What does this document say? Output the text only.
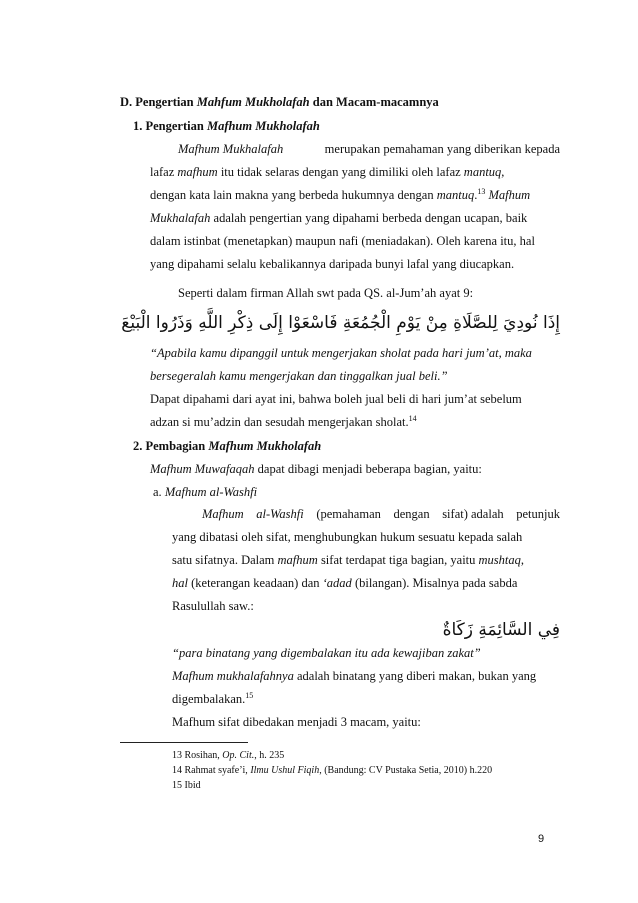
D. Pengertian Mahfum Mukholafah dan Macam-macamnya
1. Pengertian Mafhum Mukholafah
Mafhum Mukhalafah	merupakan pemahaman yang diberikan kepada
lafaz mafhum itu tidak selaras dengan yang dimiliki oleh lafaz mantuq,
dengan kata lain makna yang berbeda hukumnya dengan mantuq.$^{13}$ Mafhum
Mukhalafah adalah pengertian yang dipahami berbeda dengan ucapan, baik
dalam istinbat (menetapkan) maupun nafi (meniadakan). Oleh karena itu, hal
yang dipahami selalu kebalikannya daripada bunyi lafal yang diucapkan.
Seperti dalam firman Allah swt pada QS. al-Jum’ah ayat 9:
إِذَا نُودِيَ لِلصَّلَاةِ مِنْ يَوْمِ الْجُمُعَةِ فَاسْعَوْا إِلَى ذِكْرِ اللَّهِ وَذَرُوا الْبَيْعَ
“Apabila kamu dipanggil untuk mengerjakan sholat pada hari jum’at, maka
bersegeralah kamu mengerjakan dan tinggalkan jual beli.”
Dapat dipahami dari ayat ini, bahwa boleh jual beli di hari jum’at sebelum
adzan si mu’adzin dan sesudah mengerjakan sholat.$^{14}$
2. Pembagian Mafhum Mukholafah
Mafhum Muwafaqah dapat dibagi menjadi beberapa bagian, yaitu:
a. Mafhum al-Washfi
Mafhum al-Washfi (pemahaman dengan sifat) adalah petunjuk
yang dibatasi oleh sifat, menghubungkan hukum sesuatu kepada salah
satu sifatnya. Dalam mafhum sifat terdapat tiga bagian, yaitu mushtaq,
hal (keterangan keadaan) dan ‘adad (bilangan). Misalnya pada sabda
Rasulullah saw.:
فِي السَّائِمَةِ زَكَاةٌ
“para binatang yang digembalakan itu ada kewajiban zakat”
Mafhum mukhalafahnya adalah binatang yang diberi makan, bukan yang
digembalakan.$^{15}$
Mafhum sifat dibedakan menjadi 3 macam, yaitu:
13 Rosihan, Op. Cit., h. 235
14 Rahmat syafe’i, Ilmu Ushul Fiqih, (Bandung: CV Pustaka Setia, 2010) h.220
15 Ibid
9
